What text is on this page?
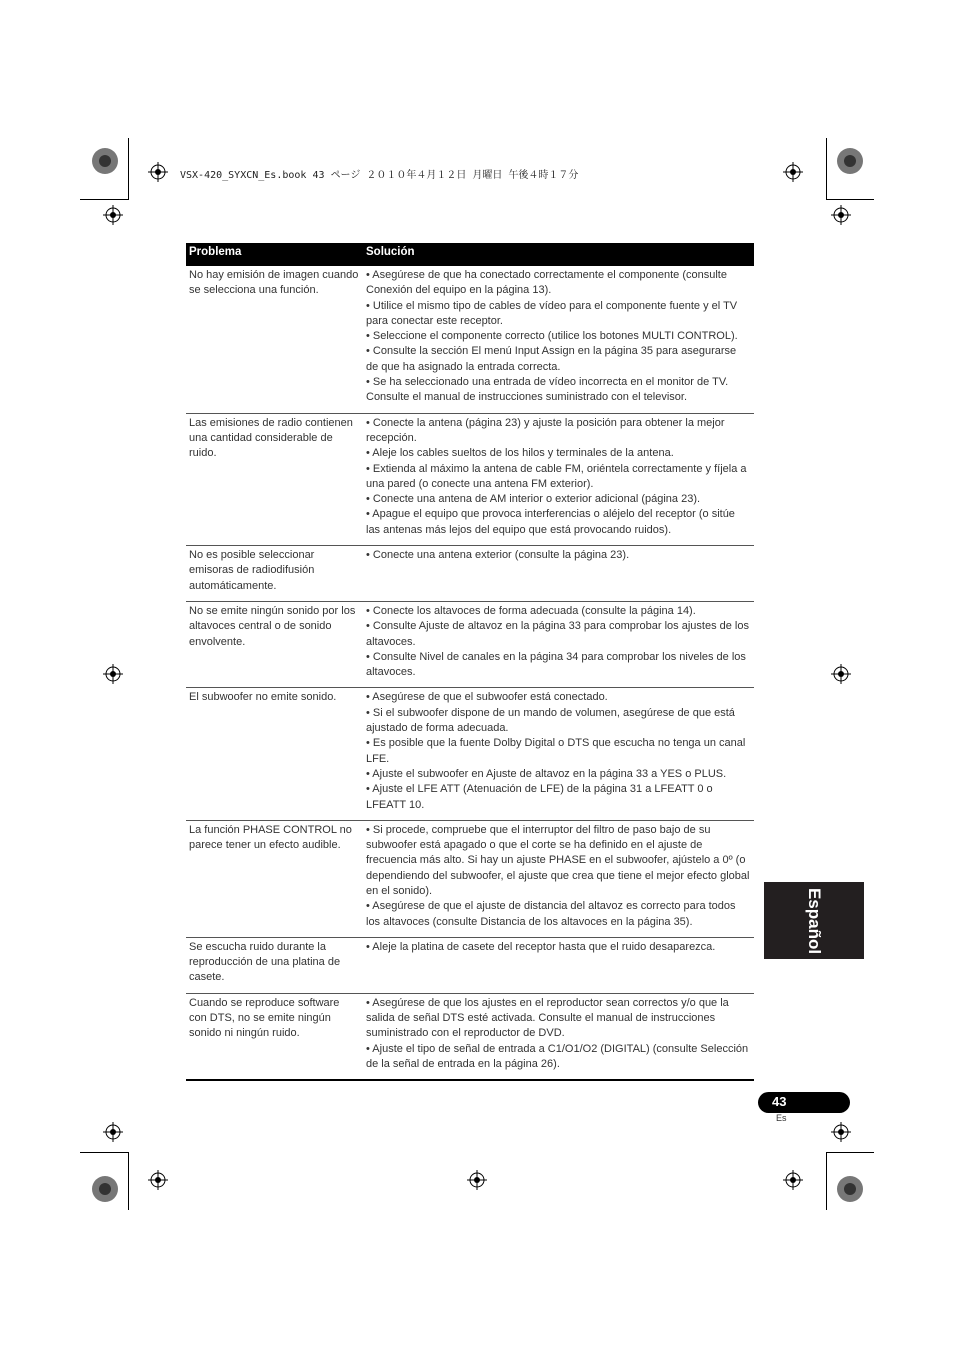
VSX-420_SYXCN_Es.book 43 ページ ２０１０年４月１２日 月曜日 午後４時１７分
Problema	Solución
No hay emisión de imagen cuando se selecciona una función.	• Asegúrese de que ha conectado correctamente el componente (consulte Conexión del equipo en la página 13).
• Utilice el mismo tipo de cables de vídeo para el componente fuente y el TV para conectar este receptor.
• Seleccione el componente correcto (utilice los botones MULTI CONTROL).
• Consulte la sección El menú Input Assign en la página 35 para asegurarse de que ha asignado la entrada correcta.
• Se ha seleccionado una entrada de vídeo incorrecta en el monitor de TV. Consulte el manual de instrucciones suministrado con el televisor.

Las emisiones de radio contienen una cantidad considerable de ruido.	• Conecte la antena (página 23) y ajuste la posición para obtener la mejor recepción.
• Aleje los cables sueltos de los hilos y terminales de la antena.
• Extienda al máximo la antena de cable FM, oriéntela correctamente y fíjela a una pared (o conecte una antena FM exterior).
• Conecte una antena de AM interior o exterior adicional (página 23).
• Apague el equipo que provoca interferencias o aléjelo del receptor (o sitúe las antenas más lejos del equipo que está provocando ruidos).

No es posible seleccionar emisoras de radiodifusión automáticamente.	• Conecte una antena exterior (consulte la página 23).

No se emite ningún sonido por los altavoces central o de sonido envolvente.	• Conecte los altavoces de forma adecuada (consulte la página 14).
• Consulte Ajuste de altavoz en la página 33 para comprobar los ajustes de los altavoces.
• Consulte Nivel de canales en la página 34 para comprobar los niveles de los altavoces.

El subwoofer no emite sonido.	• Asegúrese de que el subwoofer está conectado.
• Si el subwoofer dispone de un mando de volumen, asegúrese de que está ajustado de forma adecuada.
• Es posible que la fuente Dolby Digital o DTS que escucha no tenga un canal LFE.
• Ajuste el subwoofer en Ajuste de altavoz en la página 33 a YES o PLUS.
• Ajuste el LFE ATT (Atenuación de LFE) de la página 31 a LFEATT 0 o LFEATT 10.

La función PHASE CONTROL no parece tener un efecto audible.	• Si procede, compruebe que el interruptor del filtro de paso bajo de su subwoofer está apagado o que el corte se ha definido en el ajuste de frecuencia más alto. Si hay un ajuste PHASE en el subwoofer, ajústelo a 0º (o dependiendo del subwoofer, el ajuste que crea que tiene el mejor efecto global en el sonido).
• Asegúrese de que el ajuste de distancia del altavoz es correcto para todos los altavoces (consulte Distancia de los altavoces en la página 35).

Se escucha ruido durante la reproducción de una platina de casete.	• Aleje la platina de casete del receptor hasta que el ruido desaparezca.

Cuando se reproduce software con DTS, no se emite ningún sonido ni ningún ruido.	• Asegúrese de que los ajustes en el reproductor sean correctos y/o que la salida de señal DTS esté activada. Consulte el manual de instrucciones suministrado con el reproductor de DVD.
• Ajuste el tipo de señal de entrada a C1/O1/O2 (DIGITAL) (consulte Selección de la señal de entrada en la página 26).
Español
43
Es
